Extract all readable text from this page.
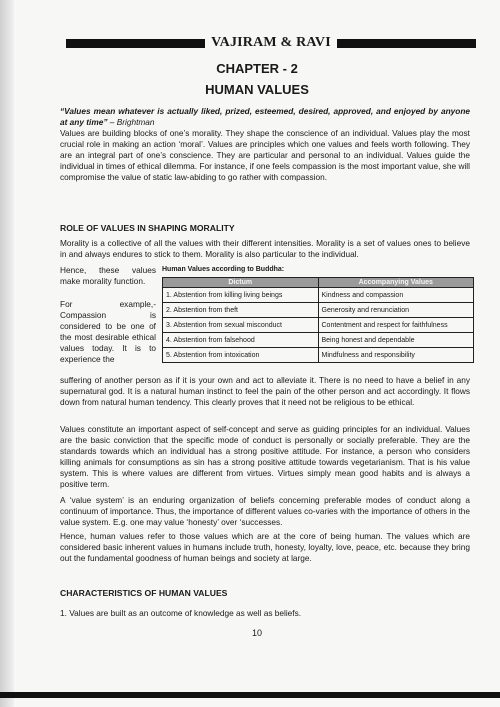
VAJIRAM & RAVI
CHAPTER - 2
HUMAN VALUES
“Values mean whatever is actually liked, prized, esteemed, desired, approved, and enjoyed by anyone at any time” – Brightman
Values are building blocks of one’s morality. They shape the conscience of an individual. Values play the most crucial role in making an action ‘moral’. Values are principles which one values and feels worth following. They are an integral part of one’s conscience. They are particular and personal to an individual. Values guide the individual in times of ethical dilemma. For instance, if one feels compassion is the most important value, she will compromise the value of static law-abiding to go rather with compassion.
ROLE OF VALUES IN SHAPING MORALITY
Morality is a collective of all the values with their different intensities. Morality is a set of values ones to believe in and always endures to stick to them. Morality is also particular to the individual.
Hence, these values make morality function.
For example,- Compassion is considered to be one of the most desirable ethical values today. It is to experience the
Human Values according to Buddha:
Dictum	Accompanying Values
1. Abstention from killing living beings	Kindness and compassion
2. Abstention from theft	Generosity and renunciation
3. Abstention from sexual misconduct	Contentment and respect for faithfulness
4. Abstention from falsehood	Being honest and dependable
5. Abstention from intoxication	Mindfulness and responsibility
suffering of another person as if it is your own and act to alleviate it. There is no need to have a belief in any supernatural god. It is a natural human instinct to feel the pain of the other person and act accordingly. It flows down from natural human tendency. This clearly proves that it need not be religious to be ethical.
Values constitute an important aspect of self-concept and serve as guiding principles for an individual. Values are the basic conviction that the specific mode of conduct is personally or socially preferable. They are the standards towards which an individual has a strong positive attitude. For instance, a person who considers killing animals for consumptions as sin has a strong positive attitude towards vegetarianism. That is his value system. This is where values are different from virtues. Virtues simply mean good habits and is always a positive term.
A ‘value system’ is an enduring organization of beliefs concerning preferable modes of conduct along a continuum of importance. Thus, the importance of different values co-varies with the importance of others in the value system. E.g. one may value ‘honesty’ over ‘successes.
Hence, human values refer to those values which are at the core of being human. The values which are considered basic inherent values in humans include truth, honesty, loyalty, love, peace, etc. because they bring out the fundamental goodness of human beings and society at large.
CHARACTERISTICS OF HUMAN VALUES
1. Values are built as an outcome of knowledge as well as beliefs.
10
